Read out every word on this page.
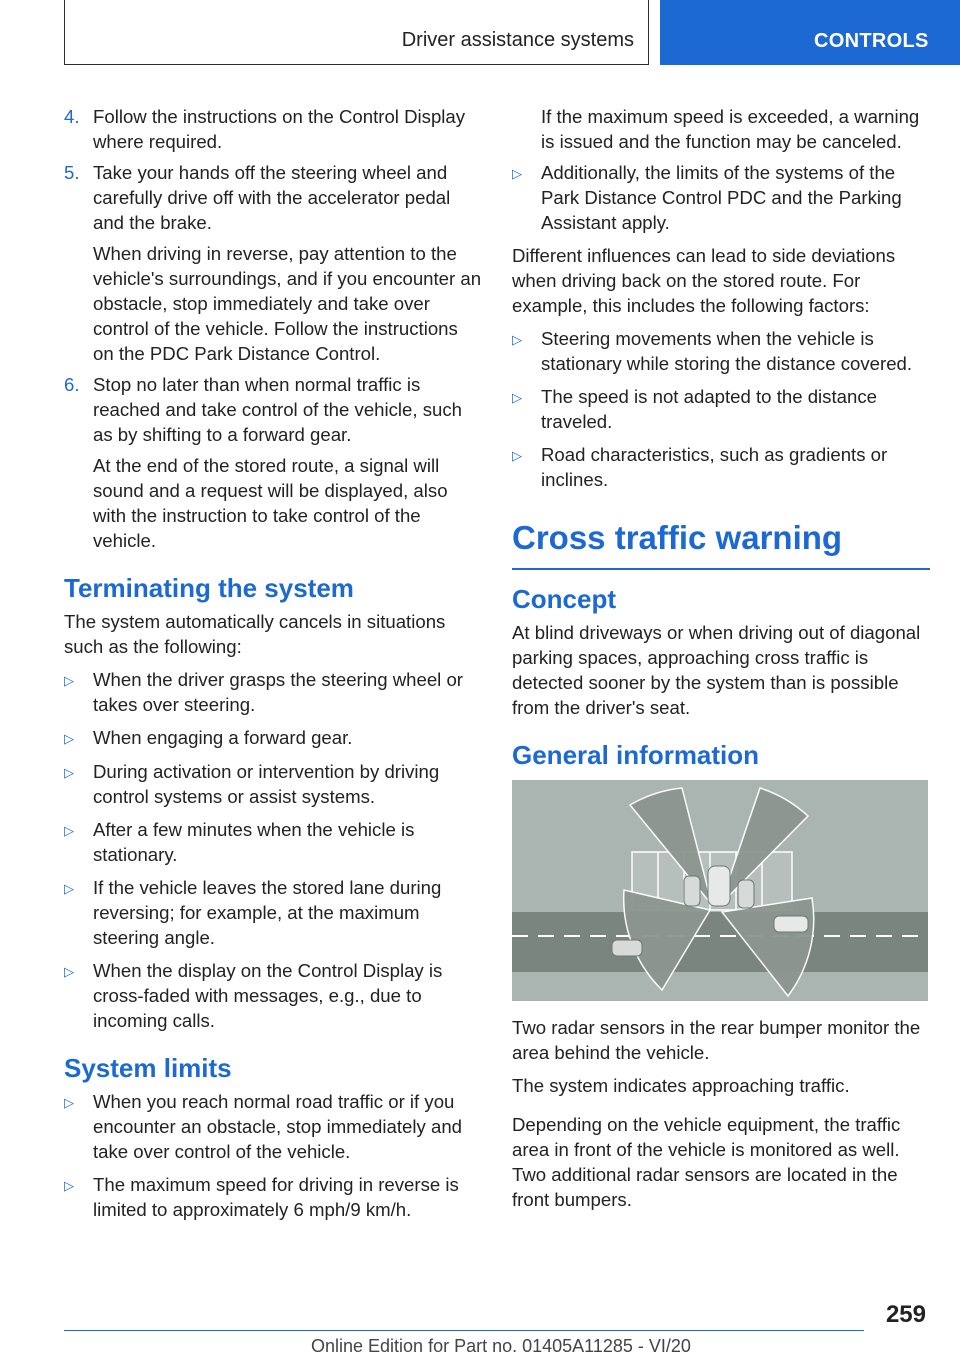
Driver assistance systems	CONTROLS
4. Follow the instructions on the Control Display where required.
5. Take your hands off the steering wheel and carefully drive off with the accelerator pedal and the brake.
When driving in reverse, pay attention to the vehicle's surroundings, and if you encounter an obstacle, stop immediately and take over control of the vehicle. Follow the instructions on the PDC Park Distance Control.
6. Stop no later than when normal traffic is reached and take control of the vehicle, such as by shifting to a forward gear.
At the end of the stored route, a signal will sound and a request will be displayed, also with the instruction to take control of the vehicle.
Terminating the system
The system automatically cancels in situations such as the following:
▷	When the driver grasps the steering wheel or takes over steering.
▷	When engaging a forward gear.
▷	During activation or intervention by driving control systems or assist systems.
▷	After a few minutes when the vehicle is stationary.
▷	If the vehicle leaves the stored lane during reversing; for example, at the maximum steering angle.
▷	When the display on the Control Display is cross-faded with messages, e.g., due to incoming calls.
System limits
▷	When you reach normal road traffic or if you encounter an obstacle, stop immediately and take over control of the vehicle.
▷	The maximum speed for driving in reverse is limited to approximately 6 mph/9 km/h.
If the maximum speed is exceeded, a warning is issued and the function may be canceled.
▷	Additionally, the limits of the systems of the Park Distance Control PDC and the Parking Assistant apply.
Different influences can lead to side deviations when driving back on the stored route. For example, this includes the following factors:
▷	Steering movements when the vehicle is stationary while storing the distance covered.
▷	The speed is not adapted to the distance traveled.
▷	Road characteristics, such as gradients or inclines.
Cross traffic warning
Concept
At blind driveways or when driving out of diagonal parking spaces, approaching cross traffic is detected sooner by the system than is possible from the driver's seat.
General information
Two radar sensors in the rear bumper monitor the area behind the vehicle.
The system indicates approaching traffic.
Depending on the vehicle equipment, the traffic area in front of the vehicle is monitored as well. Two additional radar sensors are located in the front bumpers.
259
Online Edition for Part no. 01405A11285 - VI/20
